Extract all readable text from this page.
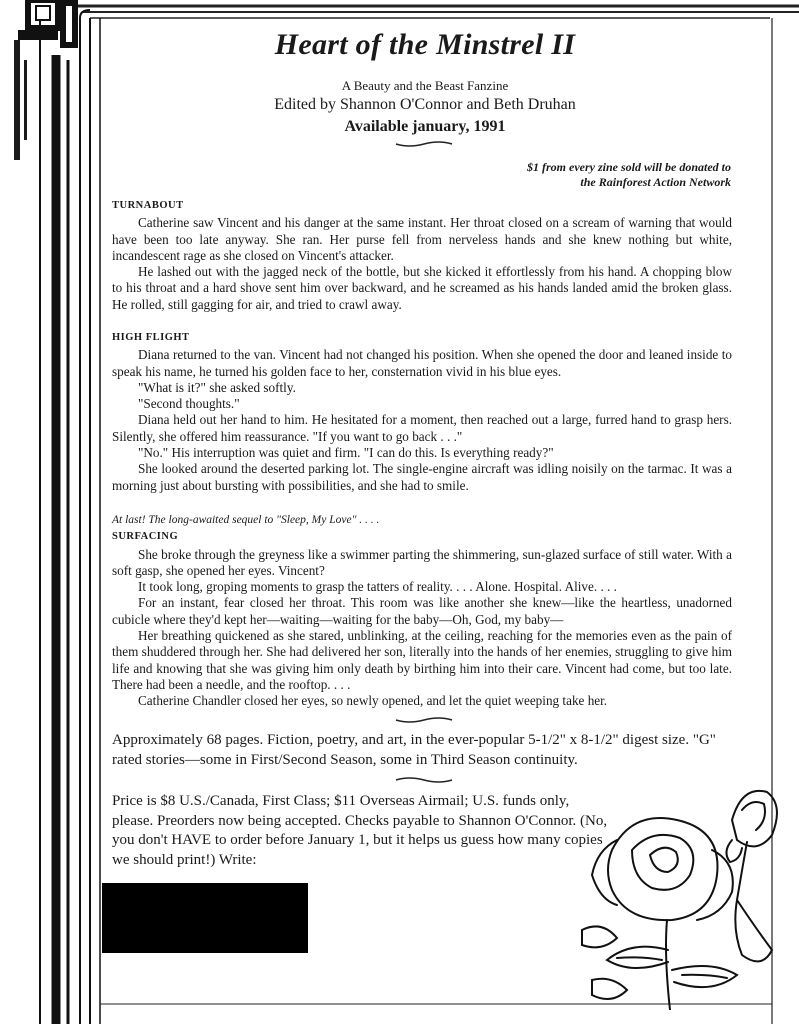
Heart of the Minstrel II
A Beauty and the Beast Fanzine
Edited by Shannon O'Connor and Beth Druhan
Available january, 1991
$1 from every zine sold will be donated to
the Rainforest Action Network
TURNABOUT

Catherine saw Vincent and his danger at the same instant. Her throat closed on a scream of warning that would have been too late anyway. She ran. Her purse fell from nerveless hands and she knew nothing but white, incandescent rage as she closed on Vincent's attacker.

He lashed out with the jagged neck of the bottle, but she kicked it effortlessly from his hand. A chopping blow to his throat and a hard shove sent him over backward, and he screamed as his hands landed amid the broken glass. He rolled, still gagging for air, and tried to crawl away.

HIGH FLIGHT

Diana returned to the van. Vincent had not changed his position. When she opened the door and leaned inside to speak his name, he turned his golden face to her, consternation vivid in his blue eyes.

"What is it?" she asked softly.

"Second thoughts."

Diana held out her hand to him. He hesitated for a moment, then reached out a large, furred hand to grasp hers. Silently, she offered him reassurance. "If you want to go back . . ."

"No." His interruption was quiet and firm. "I can do this. Is everything ready?"

She looked around the deserted parking lot. The single-engine aircraft was idling noisily on the tarmac. It was a morning just about bursting with possibilities, and she had to smile.

At last! The long-awaited sequel to "Sleep, My Love" . . . .
SURFACING

She broke through the greyness like a swimmer parting the shimmering, sun-glazed surface of still water. With a soft gasp, she opened her eyes. Vincent?

It took long, groping moments to grasp the tatters of reality. . . . Alone. Hospital. Alive. . . .

For an instant, fear closed her throat. This room was like another she knew—like the heartless, unadorned cubicle where they'd kept her—waiting—waiting for the baby—Oh, God, my baby—

Her breathing quickened as she stared, unblinking, at the ceiling, reaching for the memories even as the pain of them shuddered through her. She had delivered her son, literally into the hands of her enemies, struggling to give him life and knowing that she was giving him only death by birthing him into their care. Vincent had come, but too late. There had been a needle, and the rooftop. . . .

Catherine Chandler closed her eyes, so newly opened, and let the quiet weeping take her.

Approximately 68 pages. Fiction, poetry, and art, in the ever-popular 5-1/2" x 8-1/2" digest size. "G" rated stories—some in First/Second Season, some in Third Season continuity.
Price is $8 U.S./Canada, First Class; $11 Overseas Airmail; U.S. funds only, please. Preorders now being accepted. Checks payable to Shannon O'Connor. (No, you don't HAVE to order before January 1, but it helps us guess how many copies we should print!) Write:
